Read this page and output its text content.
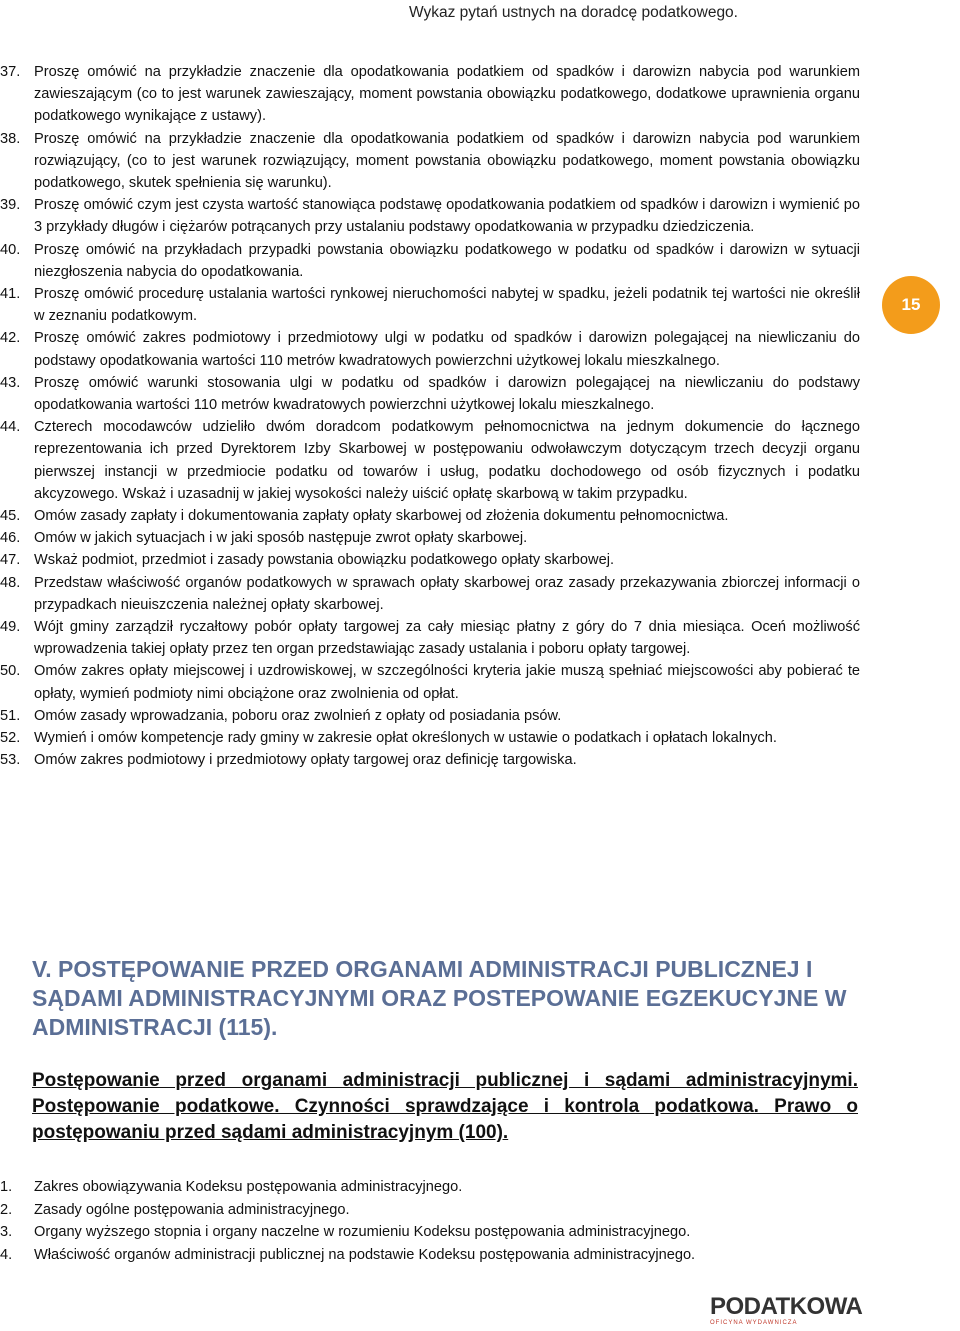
Wykaz pytań ustnych na doradcę podatkowego.
37. Proszę omówić na przykładzie znaczenie dla opodatkowania podatkiem od spadków i darowizn nabycia pod warunkiem zawieszającym (co to jest warunek zawieszający, moment powstania obowiązku podatkowego, dodatkowe uprawnienia organu podatkowego wynikające z ustawy).
38. Proszę omówić na przykładzie znaczenie dla opodatkowania podatkiem od spadków i darowizn nabycia pod warunkiem rozwiązujący, (co to jest warunek rozwiązujący, moment powstania obowiązku podatkowego, moment powstania obowiązku podatkowego, skutek spełnienia się warunku).
39. Proszę omówić czym jest czysta wartość stanowiąca podstawę opodatkowania podatkiem od spadków i darowizn i wymienić po 3 przykłady długów i ciężarów potrącanych przy ustalaniu podstawy opodatkowania w przypadku dziedziczenia.
40. Proszę omówić na przykładach przypadki powstania obowiązku podatkowego w podatku od spadków i darowizn w sytuacji niezgłoszenia nabycia do opodatkowania.
41. Proszę omówić procedurę ustalania wartości rynkowej nieruchomości nabytej w spadku, jeżeli podatnik tej wartości nie określił w zeznaniu podatkowym.
42. Proszę omówić zakres podmiotowy i przedmiotowy ulgi w podatku od spadków i darowizn polegającej na niewliczaniu do podstawy opodatkowania wartości 110 metrów kwadratowych powierzchni użytkowej lokalu mieszkalnego.
43. Proszę omówić warunki stosowania ulgi w podatku od spadków i darowizn polegającej na niewliczaniu do podstawy opodatkowania wartości 110 metrów kwadratowych powierzchni użytkowej lokalu mieszkalnego.
44. Czterech mocodawców udzieliło dwóm doradcom podatkowym pełnomocnictwa na jednym dokumencie do łącznego reprezentowania ich przed Dyrektorem Izby Skarbowej w postępowaniu odwoławczym dotyczącym trzech decyzji organu pierwszej instancji w przedmiocie podatku od towarów i usług, podatku dochodowego od osób fizycznych i podatku akcyzowego. Wskaż i uzasadnij w jakiej wysokości należy uiścić opłatę skarbową w takim przypadku.
45. Omów zasady zapłaty i dokumentowania zapłaty opłaty skarbowej od złożenia dokumentu pełnomocnictwa.
46. Omów w jakich sytuacjach i w jaki sposób następuje zwrot opłaty skarbowej.
47. Wskaż podmiot, przedmiot i zasady powstania obowiązku podatkowego opłaty skarbowej.
48. Przedstaw właściwość organów podatkowych w sprawach opłaty skarbowej oraz zasady przekazywania zbiorczej informacji o przypadkach nieuiszczenia należnej opłaty skarbowej.
49. Wójt gminy zarządził ryczałtowy pobór opłaty targowej za cały miesiąc płatny z góry do 7 dnia miesiąca. Oceń możliwość wprowadzenia takiej opłaty przez ten organ przedstawiając zasady ustalania i poboru opłaty targowej.
50. Omów zakres opłaty miejscowej i uzdrowiskowej, w szczególności kryteria jakie muszą spełniać miejscowości aby pobierać te opłaty, wymień podmioty nimi obciążone oraz zwolnienia od opłat.
51. Omów zasady wprowadzania, poboru oraz zwolnień z opłaty od posiadania psów.
52. Wymień i omów kompetencje rady gminy w zakresie opłat określonych w ustawie o podatkach i opłatach lokalnych.
53. Omów zakres podmiotowy i przedmiotowy opłaty targowej oraz definicję targowiska.
15
V. POSTĘPOWANIE PRZED ORGANAMI ADMINISTRACJI PUBLICZNEJ I SĄDAMI ADMINISTRACYJNYMI ORAZ POSTEPOWANIE EGZEKUCYJNE W ADMINISTRACJI (115).
Postępowanie przed organami administracji publicznej i sądami administracyjnymi. Postępowanie podatkowe. Czynności sprawdzające i kontrola podatkowa. Prawo o postępowaniu przed sądami administracyjnym (100).
1.	Zakres obowiązywania Kodeksu postępowania administracyjnego.
2.	Zasady ogólne postępowania administracyjnego.
3.	Organy wyższego stopnia i organy naczelne w rozumieniu Kodeksu postępowania administracyjnego.
4.	Właściwość organów administracji publicznej na podstawie Kodeksu postępowania administracyjnego.
PODATKOWA
OFICYNA WYDAWNICZA
